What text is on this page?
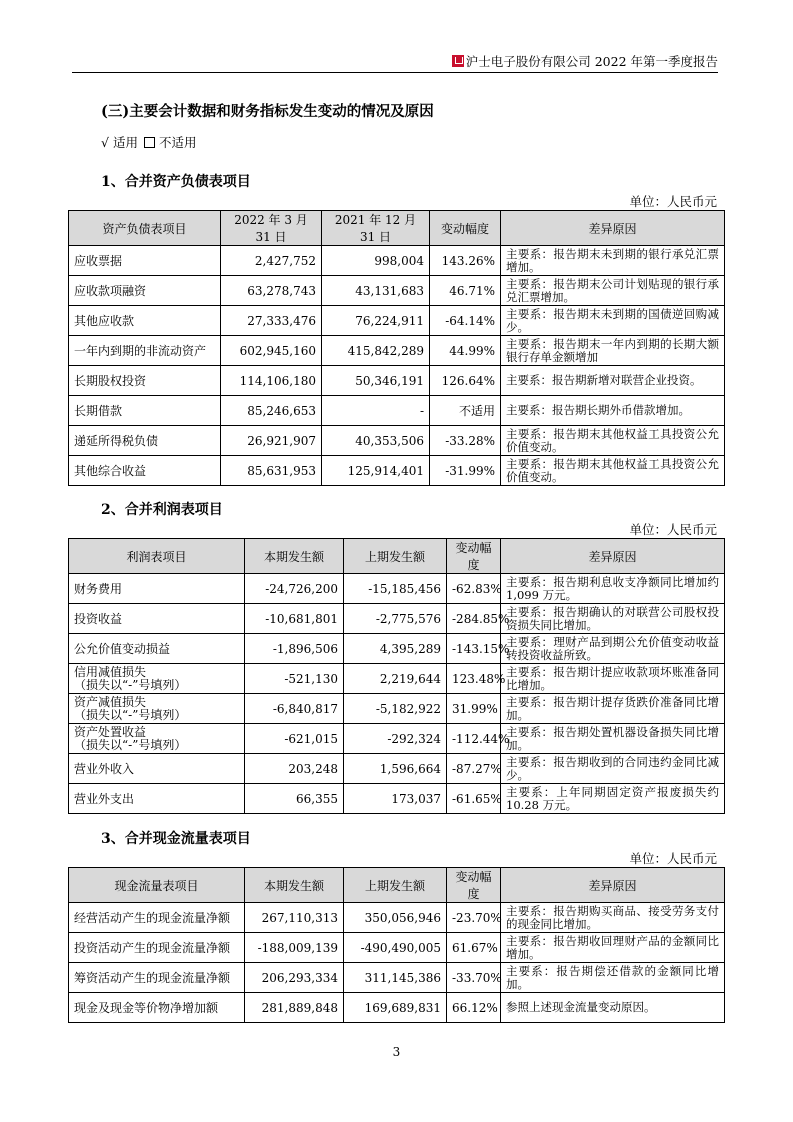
沪士电子股份有限公司 2022 年第一季度报告
(三)主要会计数据和财务指标发生变动的情况及原因
√ 适用 不适用
1、合并资产负债表项目
单位：人民币元
资产负债表项目	2022 年 3 月 31 日	2021 年 12 月 31 日	变动幅度	差异原因

应收票据	2,427,752	998,004	143.26%	主要系：报告期末未到期的银行承兑汇票增加。

应收款项融资	63,278,743	43,131,683	46.71%	主要系：报告期末公司计划贴现的银行承兑汇票增加。

其他应收款	27,333,476	76,224,911	-64.14%	主要系：报告期末未到期的国债逆回购减少。

一年内到期的非流动资产	602,945,160	415,842,289	44.99%	主要系：报告期末一年内到期的长期大额银行存单金额增加

长期股权投资	114,106,180	50,346,191	126.64%	主要系：报告期新增对联营企业投资。

长期借款	85,246,653	-	不适用	主要系：报告期长期外币借款增加。

递延所得税负债	26,921,907	40,353,506	-33.28%	主要系：报告期末其他权益工具投资公允价值变动。

其他综合收益	85,631,953	125,914,401	-31.99%	主要系：报告期末其他权益工具投资公允价值变动。
2、合并利润表项目
单位：人民币元
利润表项目	本期发生额	上期发生额	变动幅度	差异原因

财务费用	-24,726,200	-15,185,456	-62.83%	主要系：报告期利息收支净额同比增加约 1,099 万元。

投资收益	-10,681,801	-2,775,576	-284.85%	主要系：报告期确认的对联营公司股权投资损失同比增加。

公允价值变动损益	-1,896,506	4,395,289	-143.15%	主要系：理财产品到期公允价值变动收益转投资收益所致。

信用减值损失
（损失以“-”号填列）	-521,130	2,219,644	123.48%	主要系：报告期计提应收款项坏账准备同比增加。

资产减值损失
（损失以“-”号填列）	-6,840,817	-5,182,922	31.99%	主要系：报告期计提存货跌价准备同比增加。

资产处置收益
（损失以“-”号填列）	-621,015	-292,324	-112.44%	主要系：报告期处置机器设备损失同比增加。

营业外收入	203,248	1,596,664	-87.27%	主要系：报告期收到的合同违约金同比减少。

营业外支出	66,355	173,037	-61.65%	主要系：上年同期固定资产报废损失约 10.28 万元。
3、合并现金流量表项目
单位：人民币元
现金流量表项目	本期发生额	上期发生额	变动幅度	差异原因

经营活动产生的现金流量净额	267,110,313	350,056,946	-23.70%	主要系：报告期购买商品、接受劳务支付的现金同比增加。

投资活动产生的现金流量净额	-188,009,139	-490,490,005	61.67%	主要系：报告期收回理财产品的金额同比增加。

筹资活动产生的现金流量净额	206,293,334	311,145,386	-33.70%	主要系：报告期偿还借款的金额同比增加。

现金及现金等价物净增加额	281,889,848	169,689,831	66.12%	参照上述现金流量变动原因。
3
